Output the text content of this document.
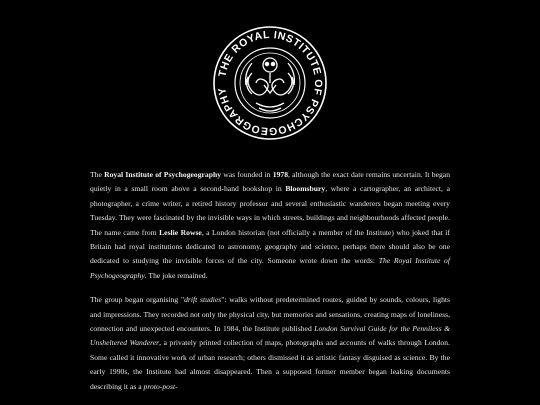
THE ROYAL INSTITUTE OF PSYCHOGEOGRAPHY

The Royal Institute of Psychogeography was founded in 1978, although the exact date remains uncertain. It began quietly in a small room above a second-hand bookshop in Bloomsbury, where a cartographer, an architect, a photographer, a crime writer, a retired history professor and several enthusiastic wanderers began meeting every Tuesday. They were fascinated by the invisible ways in which streets, buildings and neighbourhoods affected people. The name came from Leslie Rowse, a London historian (not officially a member of the Institute) who joked that if Britain had royal institutions dedicated to astronomy, geography and science, perhaps there should also be one dedicated to studying the invisible forces of the city. Someone wrote down the words: The Royal Institute of Psychogeography. The joke remained.

The group began organising "drift studies": walks without predetermined routes, guided by sounds, colours, lights and impressions. They recorded not only the physical city, but memories and sensations, creating maps of loneliness, connection and unexpected encounters. In 1984, the Institute published London Survival Guide for the Penniless & Unsheltered Wanderer, a privately printed collection of maps, photographs and accounts of walks through London. Some called it innovative work of urban research; others dismissed it as artistic fantasy disguised as science. By the early 1990s, the Institute had almost disappeared. Then a supposed former member began leaking documents describing it as a proto-post-
